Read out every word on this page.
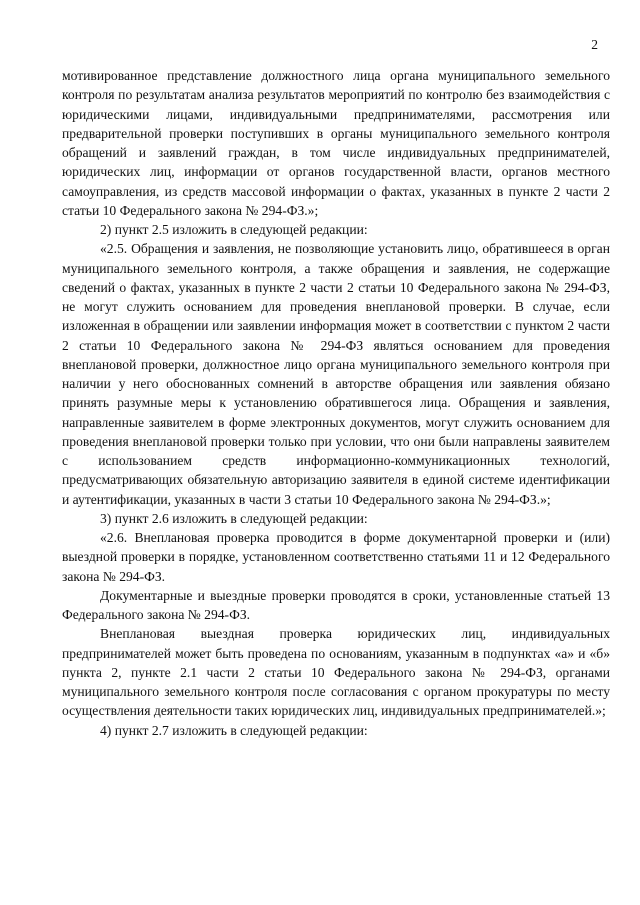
2

мотивированное представление должностного лица органа муниципального земельного контроля по результатам анализа результатов мероприятий по контролю без взаимодействия с юридическими лицами, индивидуальными предпринимателями, рассмотрения или предварительной проверки поступивших в органы муниципального земельного контроля обращений и заявлений граждан, в том числе индивидуальных предпринимателей, юридических лиц, информации от органов государственной власти, органов местного самоуправления, из средств массовой информации о фактах, указанных в пункте 2 части 2 статьи 10 Федерального закона № 294-ФЗ.»;

2) пункт 2.5 изложить в следующей редакции:

«2.5. Обращения и заявления, не позволяющие установить лицо, обратившееся в орган муниципального земельного контроля, а также обращения и заявления, не содержащие сведений о фактах, указанных в пункте 2 части 2 статьи 10 Федерального закона № 294-ФЗ, не могут служить основанием для проведения внеплановой проверки. В случае, если изложенная в обращении или заявлении информация может в соответствии с пунктом 2 части 2 статьи 10 Федерального закона № 294-ФЗ являться основанием для проведения внеплановой проверки, должностное лицо органа муниципального земельного контроля при наличии у него обоснованных сомнений в авторстве обращения или заявления обязано принять разумные меры к установлению обратившегося лица. Обращения и заявления, направленные заявителем в форме электронных документов, могут служить основанием для проведения внеплановой проверки только при условии, что они были направлены заявителем с использованием средств информационно-коммуникационных технологий, предусматривающих обязательную авторизацию заявителя в единой системе идентификации и аутентификации, указанных в части 3 статьи 10 Федерального закона № 294-ФЗ.»;

3) пункт 2.6 изложить в следующей редакции:

«2.6. Внеплановая проверка проводится в форме документарной проверки и (или) выездной проверки в порядке, установленном соответственно статьями 11 и 12 Федерального закона № 294-ФЗ.

Документарные и выездные проверки проводятся в сроки, установленные статьей 13 Федерального закона № 294-ФЗ.

Внеплановая выездная проверка юридических лиц, индивидуальных предпринимателей может быть проведена по основаниям, указанным в подпунктах «а» и «б» пункта 2, пункте 2.1 части 2 статьи 10 Федерального закона № 294-ФЗ, органами муниципального земельного контроля после согласования с органом прокуратуры по месту осуществления деятельности таких юридических лиц, индивидуальных предпринимателей.»;

4) пункт 2.7 изложить в следующей редакции:
